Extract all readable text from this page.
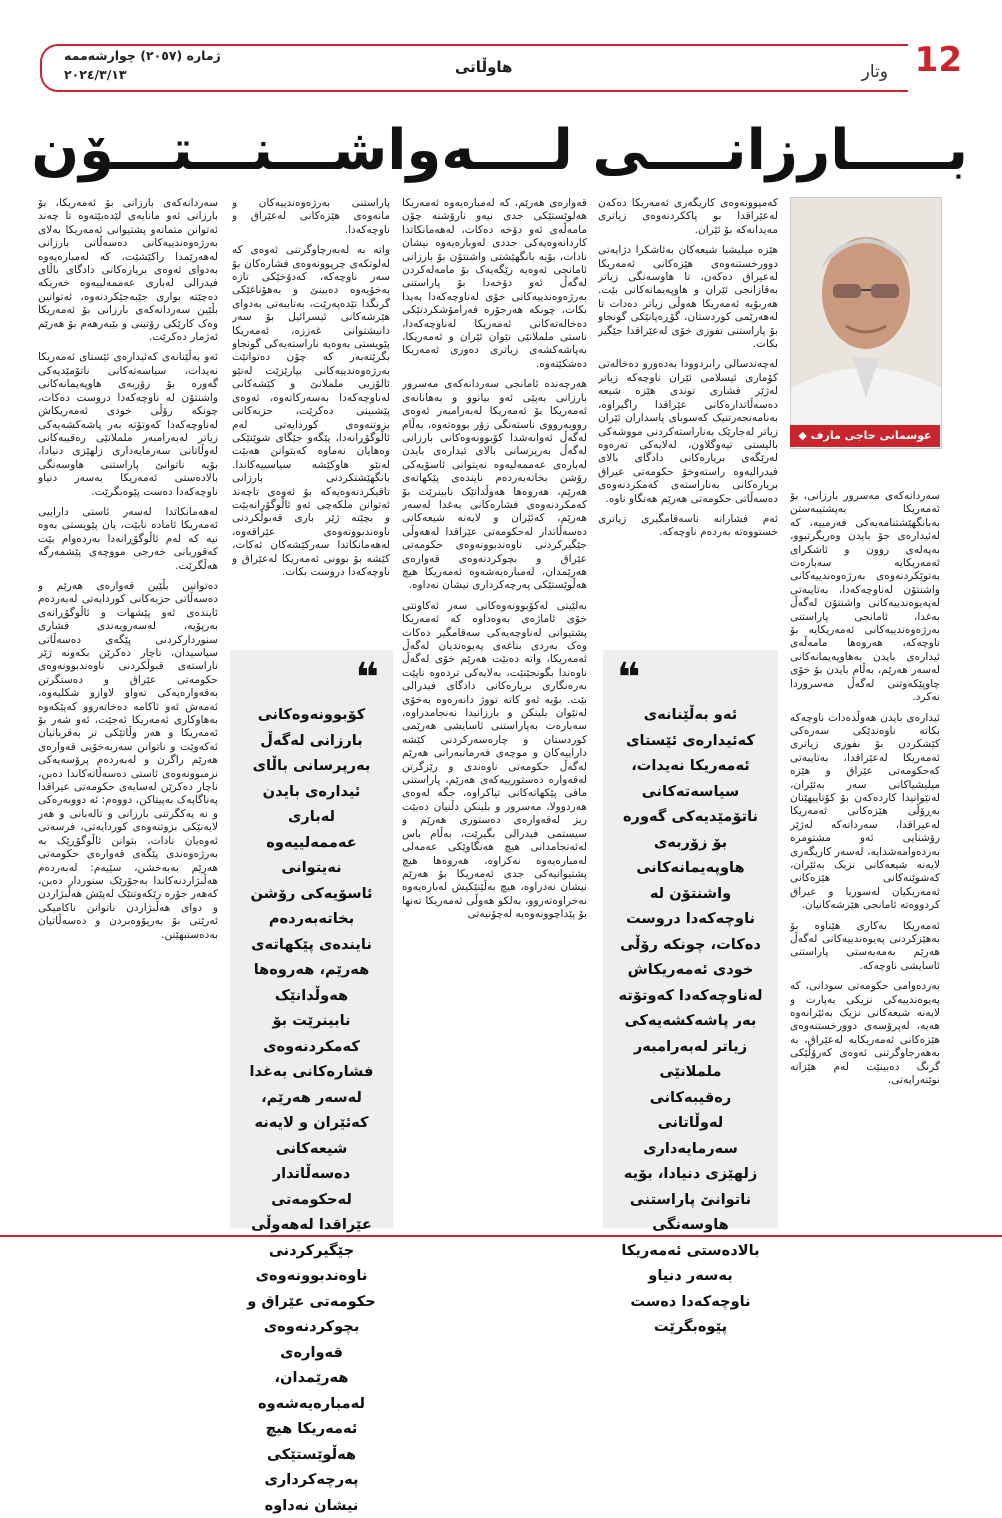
12
وتار
هاوڵاتی
ژمارە (٢٠٥٧) چوارشەممە
٢٠٢٤/٣/١٣
بـــــارزانــــی لــــەواشـــنـــتـــۆن
عوسمانی حاجی مارف ◆

کەمپوونەوەی کاریگەری ئەمەریکا دەکەن لەعێراقدا بو پاککردنەوەی زیاتری مەیدانەکە بۆ ئێران.

هێزە میلیشیا شیعەکان بەئاشکرا دژایەتی دوورخستنەوەی هێزەکانی ئەمەریکا لەعیراق دەکەن، تا هاوسەنگی زیاتر بەقازانجی ئێران و هاوپەیمانەکانی بێت. هەربۆیە ئەمەریکا هەوڵی زیاتر دەدات تا لەهەرێمی کوردستان، گۆڕەپانێکی گونجاو بۆ پاراستنی نفوزی خۆی لەعێراقدا جێگیر بکات.

لەچەندسالی رابردوودا بەدەورو دەخالەتی کۆماری ئیسلامی ئێران ناوچەکە زیاتر لەژێر فشاری توندی هێزە شیعە دەسەڵاتدارەکانی عێراقدا راگیراوە، بەنامەنجەرتنیک کەسوبای پاسداران ئێران زیاتر لەجارێک بەناراستەکردنی مووشەکی بالیستی تیەوگلاون، لەلایەکی تەرەوە لەرێگەی بریارەکانی دادگای بالای فیدرالیەوە راستەوخۆ حکومەتی عیراق بریارەکانی بەناراستەی کەمکردنەوەی دەسەڵاتی حکومەتی هەرێم هەنگاو ناوە.

ئەم فشارانە ناسەقامگیری زیاتری خستووەتە بەردەم ناوچەکە.

سەردانەکەی مەسرور بارزانی، بۆ ئەمەریکا بەپشتیبەستن بەبانگهێشتنامەیەکی فەرمییە، کە لەئیدارەی جۆ بایدن وەریگرتبوو، بەپەلەی روون و ئاشکرای ئەمەریکایە سەبارەت بەتوێکردنەوەی بەرژەوەندییەکانی واشنتۆن لەناوچەکەدا، بەتایبەتی لەپەیوەندییەکانی واشنتۆن لەگەڵ بەغدا، ئامانجی پاراستنی بەرژەوەندییەکانی ئەمەریکایە بۆ ناوچەکە، هەروەها مامەڵەی ئیدارەی بایدن بەهاوپەیمانەکانی لەسەر هەرێم، بەڵام بایدن بۆ خۆی چاوپێکەوتنی لەگەڵ مەسروردا نەکرد.

ئیدارەی بایدن هەوڵدەدات ناوچەکە بکاتە ناوەندێکی سەرەکی کێشکردن بۆ نفوزی زیاتری ئەمەریکا لەعێراقدا، بەتایبەتی کەحکومەتی عێراق و هێزە میلیشیاکانی سەر بەئێران، لەنێوانیدا کاردەکەن بۆ کۆتاییهێنان بەڕۆڵی هێزەکانی ئەمەریکا لەعیراقدا، سەردانەکە لەژێر رۆشنایی ئەو مشتومرە بەردەوامەشدایە، لەسەر کاریگەری لایەنە شیعەکانی نزیک بەئێران، کەشوێنەکانی هێزەکانی ئەمەریکیان لەسوریا و عیراق کردووەتە ئامانجی هێرشەکانیان.

ئەمەریکا بەکاری هێناوە بۆ بەهێزکردنی پەیوەندییەکانی لەگەڵ هەرێم بەمەبەستی پاراستنی ئاسایشی ناوچەکە.

بەردەوامی حکومەتی سودانی، کە پەیوەندییەکی نزیکی بەپارت و لایەنە شیعەکانی نزیک بەئێرانەوە هەیە، لەپرۆسەی دوورخستنەوەی هێزەکانی ئەمەریکایە لەعێراق، بە بەهەرجاوگرتنی ئەوەی کەرۆڵێکی گرنگ دەبینێت لەم هێزانە نوێنەرایەتی.

❝
ئەو بەڵێنانەی کەئیدارەی ئێستای ئەمەریکا نەیدات، سیاسەتەکانی ناتۆمێدیەکی گەورە بۆ زۆربەی هاوپەیمانەکانی واشنتۆن لە ناوچەکەدا دروست دەکات، چونکە رۆڵی خودی ئەمەریکاش لەناوچەکەدا کەوتۆتە بەر پاشەکشەیەکی زیاتر لەبەرامبەر ململانێی رەقیبەکانی لەوڵاتانی سەرمایەداری زلهێزی دنیادا، بۆیە ناتوانێ پاراستنی هاوسەنگی بالادەستی ئەمەریکا بەسەر دنیاو ناوچەکەدا دەست پێوەبگرێت

قەوارەی هەرێم، کە لەمبارەیەوە ئەمەریکا هەلوێستێکی جدی نیەو نارۆشنە چۆن مامەڵەی ئەو دۆخە دەکات، لەهەمانکاتدا کاردانەوەیەکی جددی لەوبارەیەوە نیشان نادات، بۆیە بانگهێشتی واشنتۆن بۆ بارزانی ئامانجی ئەوەیە رێگەیەک بۆ مامەلەکردن لەگەڵ ئەو دۆخەدا بۆ پاراستنی بەرژەوەندییەکانی خۆی لەناوچەکەدا بەیدا بکات، چونکە هەرجۆرە فەرامۆشکردنێکی دەخالەتەکانی ئەمەریکا لەناوچەکەدا، ناستی ململانێی نێوان ئێران و ئەمەریکا، بەپاشەکشەی زیاتری دەوری ئەمەریکا دەشکێتەوە.

هەرچەندە ئامانجی سەردانەکەی مەسرور بارزانی بەپێی ئەو بیانوو و بەهانانەی ئەمەریکا بۆ ئەمەریکا لەبەرامبەر ئەوەی رووبەرووی ناستەنگی زۆر بووەتەوە، بەڵام لەگەڵ ئەوانەشدا کۆبوونەوەکانی بارزانی لەگەڵ بەرپرسانی بالای ئیدارەی بایدن لەبارەی عەممەلیەوە نەیتوانی ئاسۆیەکی رۆشن بخاتەبەردەم نایندەی پێکهاتەی هەرێم، هەروەها هەوڵدانێک نابینرێت بۆ کەمکردنەوەی فشارەکانی بەغدا لەسەر هەرێم، کەئێران و لایەنە شیعەکانی دەسەڵاتدار لەحکومەتی عێراقدا لەهەوڵی جێگیرکردنی ناوەندبوونەوەی حکومەتی عێراق و بچوکردنەوەی قەوارەی هەرێمدان، لەمبارەیەشەوە ئەمەریکا هیچ هەڵوێستێکی پەرچەکرداری نیشان نەداوە.

بەلێیتی لەکۆبوونەوەکانی سەر ئەکاونتی خۆی ئاماژەی بەوەداوە کە ئەمەریکا پشتیوانی لەناوچەیەکی سەقامگیر دەکات وەک بەردی بناغەی پەیوەندیان لەگەڵ ئەمەریکا، واتە دەبێت هەرێم خۆی لەگەڵ ناوەندا بگونجێنێت، بەلایەکی تردەوە ناپێت بەرەنگاری بریارەکانی دادگای فیدرالی بێت. بۆیە ئەو کاتە تووژ دانەرەوە بەخۆی لەنێوان بلینکن و بارزانیدا نەنجامدراوە، سەبارەت بەپاراستنی ئاسایشی هەرێمی کوردستان و چارەسەرکردنی کێشە داراییەکان و موچەی فەرمانبەرانی هەرێم لەگەڵ حکومەتی ناوەندی و رێزگرتن لەقەوارە دەستورییەکەی هەرێم، پاراستنی مافی پێکهاتەکانی تیاکراوە، جگە لەوەی هەردوولا، مەسرور و بلینکن دڵنیان دەبێت ریز لەقەوارەی دەستوری هەرێم و سیستمی فیدرالی بگیرێت، بەڵام باس لەئەنجامدانی هیچ هەنگاوێکی عەمەلی لەمبارەیەوە نەکراوە، هەروەها هیچ پشتیوانیەکی جدی ئەمەریکا بۆ هەرێم نیشان نەدراوە، هیچ بەڵێنێکیش لەبارەیەوە نەخراوەتەروو، بەلکو هەوڵی ئەمەریکا تەنها بۆ پێداچوونەوەیە لەچۆنیەتی

پاراستنی بەرژەوەندییەکان و مانەوەی هێزەکانی لەعێراق و ناوچەکەدا.

واتە بە لەبەرچاوگرتنی ئەوەی کە لەلوتکەی چرپوونەوەی فشارەکان بۆ سەر ناوچەکە، کەدۆخێکی تازە بەخۆیەوە دەبینێ و بەهۆناغێکی گرنگدا تێدەپەرێت، بەتایبەتی بەدوای هێرشەکانی ئیسرائیل بۆ سەر دانیشتوانی غەززە، ئەمەریکا پێویستی بەوەیە ناراستەیەکی گونجاو بگرێتەبەر کە چۆن دەتوانێت بەرژەوەندییەکانی بپارێزێت لەنێو ئالۆزیی ململانێ و کێشەکانی لەناوچەکەدا بەسەرکاتەوە، ئەوەی پێشبینی دەکرێت، حزبەکانی بزوتنەوەی کوردایەتی لەم ئاڵوگۆڕانەدا، پێگەو جێگای شوێنێکی وەهایان نەماوە کەبتوانن هەبێت لەنێو هاوکێشە سیاسییەکاندا. بانگهێشتکردنی بارزانی تاقیکردنەوەیەکە بۆ ئەوەی تاچەند ئەتوانن ملکەچی ئەو ئاڵوگۆرانەبێت و بچێتە ژێر باری قەبوڵکردنی ناوەندبوونەوەی عێراقەوە، لەهەمانکاتدا سەرکێشەکان ئەکات، کێشە بۆ بوونی ئەمەریکا لەعێراق و ناوچەکەدا دروست بکات.

❝
کۆبوونەوەکانی بارزانی لەگەڵ بەرپرسانی باڵای ئیدارەی بایدن لەباری عەممەلییەوە نەیتوانی ئاسۆیەکی رۆشن بخاتەبەردەم نایندەی پێکهاتەی هەرێم، هەروەها هەوڵدانێک نابینرێت بۆ کەمکردنەوەی فشارەکانی بەغدا لەسەر هەرێم، کەئێران و لایەنە شیعەکانی دەسەڵاتدار لەحکومەتی عێراقدا لەهەوڵی جێگیرکردنی ناوەندبوونەوەی حکومەتی عێراق و بچوکردنەوەی قەوارەی هەرێمدان، لەمبارەیەشەوە ئەمەریکا هیچ هەڵوێستێکی پەرچەکرداری نیشان نەداوە

سەردانەکەی بارزانی بۆ ئەمەریکا، بۆ بارزانی ئەو مانایەی لێدەبێتەوە تا چەند ئەتوانن متمانەو پشتیوانی ئەمەریکا بەلای بەرژەوەندییەکانی دەسەڵاتی بارزانی لەهەرێمدا راکێشێت، کە لەمبارەیەوە بەدوای ئەوەی بریارەکانی دادگای باڵای فیدرالی لەباری عەممەلییەوە خەریکە دەچێتە بواری جێبەجێکردنەوە، ئەتوانین بڵێین سەردانەکەی بارزانی بۆ ئەمەریکا وەک کارێکی رۆتینی و بێبەرهەم بۆ هەرێم ئەژمار دەکرێت.

ئەو بەڵێنانەی کەئیدارەی ئێستای ئەمەریکا نەیدات، سیاسەتەکانی ناتۆمێدیەکی گەورە بۆ زۆربەی هاوپەیمانەکانی واشنتۆن لە ناوچەکەدا دروست دەکات، چونکە رۆڵی خودی ئەمەریکاش لەناوچەکەدا کەوتۆتە بەر پاشەکشەیەکی زیاتر لەبەرامبەر ململانێی رەقیبەکانی لەوڵاتانی سەرمایەداری زلهێزی دنیادا، بۆیە ناتوانێ پاراستنی هاوسەنگی بالادەستی ئەمەریکا بەسەر دنیاو ناوچەکەدا دەست پێوەبگرێت.

لەهەمانکاتدا لەسەر ئاستی داراییی ئەمەریکا ئامادە نابێت، یان پێویستی بەوە نیە کە لەم ئاڵوگۆڕانەدا بەردەوام بێت کەقوربانی خەرجی مووچەی پێشمەرگە هەڵگرێت.

دەتوانین بڵێین قەوارەی هەرێم و دەسەڵاتی حزبەکانی کوردایەتی لەبەردەم ئایندەی ئەو پێشهات و ئاڵوگۆڕانەی بەرپۆیە، لەسەرویەندی فشاری سنوردارکردنی پێگەی دەسەڵاتی سیاسیدان، ناچار دەکرێن بکەونە ژێر ناراستەی قبوڵکردنی ناوەندبوونەوەی حکومەتی عێراق و دەستگرتن بەقەوارەیەکی تەواو لاوازو شکلیەوە، ئەمەش ئەو ئاکامە دەخاتەروو کەپێکەوە بەهاوکاری ئەمەریکا ئەجێت، ئەو شەر بۆ ئەمەریکا و هەر وڵاتێکی تر بەقربانیان ئەکەوێت و ناتوانن سەربەخۆیی قەوارەی هەرێم راگرن و لەبەردەم پرۆسەیەکی نزمبوونەوەی ئاستی دەسەڵاتەکاندا دەبن، ناچار دەکرێن لەسایەی حکومەتی عیراقدا پەناگاپەک بەپیتاکن، دووەم: ئە دووبەرەکی و نە یەکگرتنی بارزانی و تالەبانی و هەر لایەنێکی بزوتنەوەی کوردایەتی، فرسەتی ئەوەیان نادات، بتوانن ئاڵوگۆڕێک بە بەرژەوەندی پێگەی قەوارەی حکومەتی هەرێم بەبەخشن، سێیەم: لەبەردەم هەڵبژاردنەکاندا بەجۆرێک سنوردار دەبن، کەهەر جۆرە رێکەوتنێک لەپێش هەڵبژاردن و دوای هەڵبژاردن ناتوانن ناکامیکی ئەرێنی بۆ بەرپۆوەبردن و دەسەڵاتیان بەدەستبهێنن.
